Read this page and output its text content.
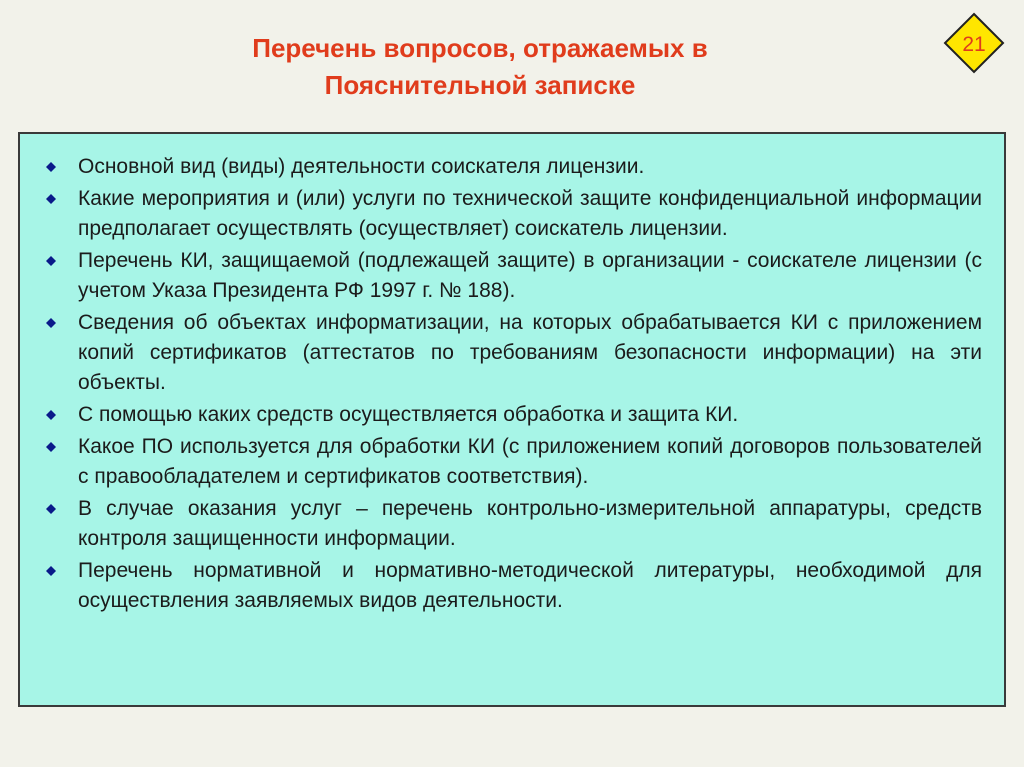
Перечень вопросов, отражаемых в
Пояснительной записке
21
Основной вид (виды) деятельности соискателя лицензии.
Какие мероприятия и (или) услуги по технической защите конфиденциальной информации предполагает осуществлять (осуществляет) соискатель лицензии.
Перечень КИ, защищаемой (подлежащей защите) в организации - соискателе лицензии (с учетом Указа Президента РФ 1997 г. № 188).
Сведения об объектах информатизации, на которых обрабатывается КИ с приложением копий сертификатов (аттестатов по требованиям безопасности информации) на эти объекты.
С помощью каких средств осуществляется обработка и защита КИ.
Какое ПО используется для обработки КИ (с приложением копий договоров пользователей с правообладателем и сертификатов соответствия).
В случае оказания услуг – перечень контрольно-измерительной аппаратуры, средств контроля защищенности информации.
Перечень нормативной и нормативно-методической литературы, необходимой для осуществления заявляемых видов деятельности.
